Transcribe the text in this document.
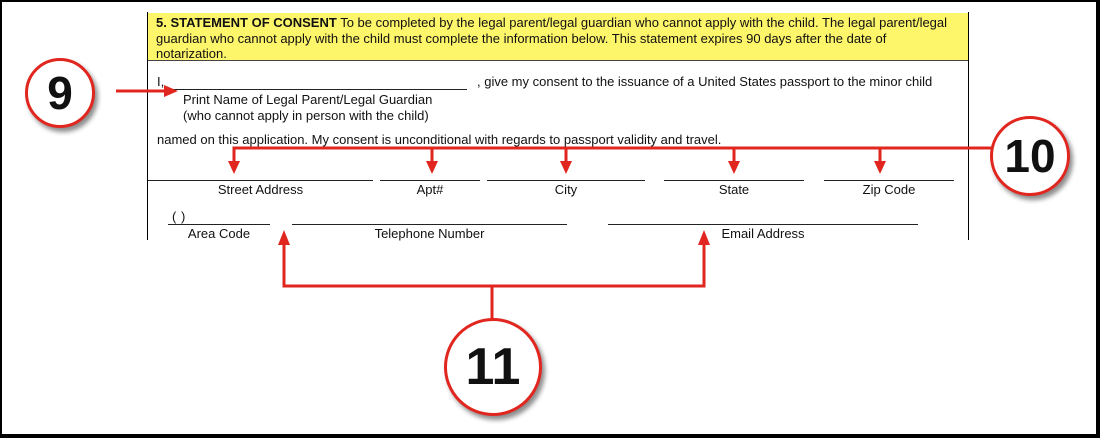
5. STATEMENT OF CONSENT To be completed by the legal parent/legal guardian who cannot apply with the child. The legal parent/legal guardian who cannot apply with the child must complete the information below. This statement expires 90 days after the date of notarization.
I,	, give my consent to the issuance of a United States passport to the minor child
Print Name of Legal Parent/Legal Guardian
(who cannot apply in person with the child)
named on this application. My consent is unconditional with regards to passport validity and travel.
Street Address	Apt#	City	State	Zip Code
( )
Area Code	Telephone Number	Email Address
9
10
11
